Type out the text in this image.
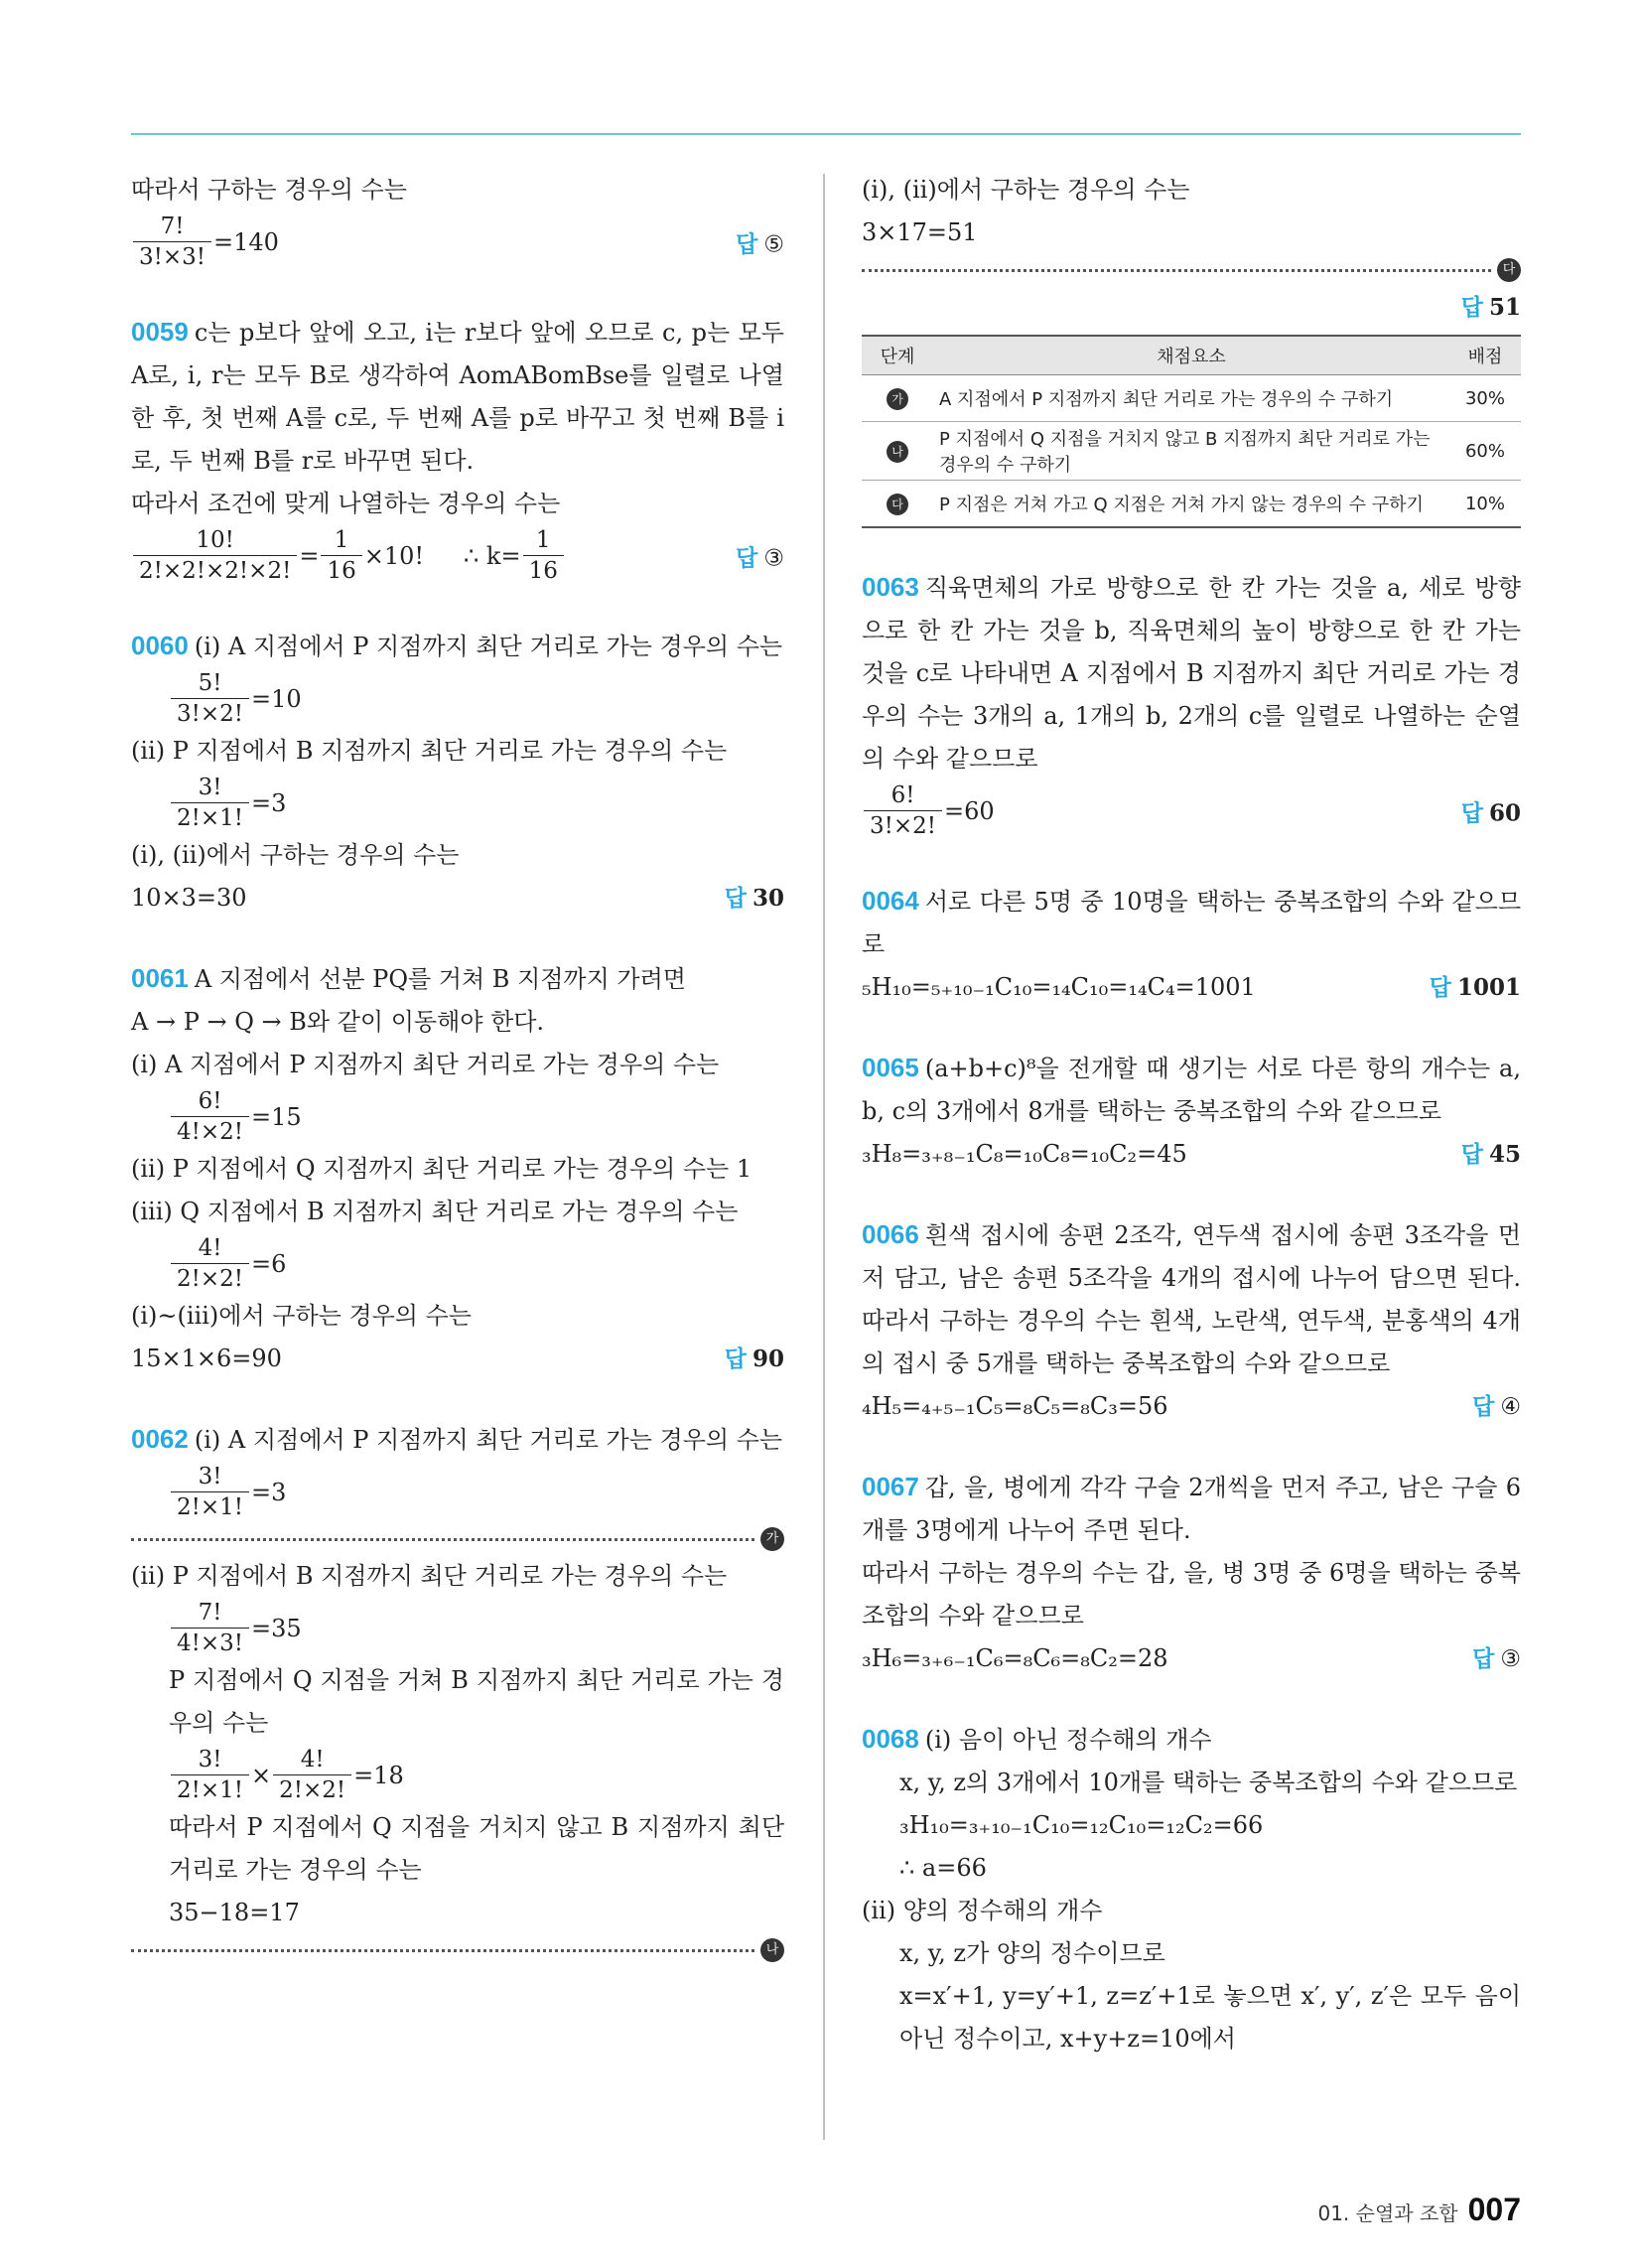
따라서 구하는 경우의 수는

$\frac{7!}{3!\times 3!} =140$	답 ⑤

0059 c는 p보다 앞에 오고, i는 r보다 앞에 오므로 c, p는 모두 A로, i, r는 모두 B로 생각하여 AomABomBse를 일렬로 나열한 후, 첫 번째 A를 c로, 두 번째 A를 p로 바꾸고 첫 번째 B를 i로, 두 번째 B를 r로 바꾸면 된다.

따라서 조건에 맞게 나열하는 경우의 수는

$\frac{10!}{2!\times 2!\times 2!\times 2!} = \frac{1}{16} \times 10$! ∴ $k= \frac{1}{16}$	답 ③

0060 (ⅰ) A 지점에서 P 지점까지 최단 거리로 가는 경우의 수는

$\frac{5!}{3!\times 2!} =10$

(ⅱ) P 지점에서 B 지점까지 최단 거리로 가는 경우의 수는

$\frac{3!}{2!\times 1!} =3$

(ⅰ), (ⅱ)에서 구하는 경우의 수는

10×3=30	답 30

0061 A 지점에서 선분 PQ를 거쳐 B 지점까지 가려면

A → P → Q → B와 같이 이동해야 한다.

(ⅰ) A 지점에서 P 지점까지 최단 거리로 가는 경우의 수는

$\frac{6!}{4!\times 2!} =15$

(ⅱ) P 지점에서 Q 지점까지 최단 거리로 가는 경우의 수는 1

(ⅲ) Q 지점에서 B 지점까지 최단 거리로 가는 경우의 수는

$\frac{4!}{2!\times 2!} =6$

(ⅰ)~(ⅲ)에서 구하는 경우의 수는

15×1×6=90	답 90

0062 (ⅰ) A 지점에서 P 지점까지 최단 거리로 가는 경우의 수는

$\frac{3!}{2!\times 1!} =3$
가

(ⅱ) P 지점에서 B 지점까지 최단 거리로 가는 경우의 수는

$\frac{7!}{4!\times 3!} =35$

P 지점에서 Q 지점을 거쳐 B 지점까지 최단 거리로 가는 경우의 수는

$\frac{3!}{2!\times 1!} \times \frac{4!}{2!\times 2!} =18$

따라서 P 지점에서 Q 지점을 거치지 않고 B 지점까지 최단 거리로 가는 경우의 수는

35−18=17

나

(ⅰ), (ⅱ)에서 구하는 경우의 수는

3×17=51

다
답 51
단계	채점요소	배점
가	A 지점에서 P 지점까지 최단 거리로 가는 경우의 수 구하기	30%
나	P 지점에서 Q 지점을 거치지 않고 B 지점까지 최단 거리로 가는 경우의 수 구하기	60%
다	P 지점은 거쳐 가고 Q 지점은 거쳐 가지 않는 경우의 수 구하기	10%

0063 직육면체의 가로 방향으로 한 칸 가는 것을 a, 세로 방향으로 한 칸 가는 것을 b, 직육면체의 높이 방향으로 한 칸 가는 것을 c로 나타내면 A 지점에서 B 지점까지 최단 거리로 가는 경우의 수는 3개의 a, 1개의 b, 2개의 c를 일렬로 나열하는 순열의 수와 같으므로

$\frac{6!}{3!\times 2!} =60$	답 60

0064 서로 다른 5명 중 10명을 택하는 중복조합의 수와 같으므로

₅H₁₀=₅₊₁₀₋₁C₁₀=₁₄C₁₀=₁₄C₄=1001	답 1001

0065 (a+b+c)⁸을 전개할 때 생기는 서로 다른 항의 개수는 a, b, c의 3개에서 8개를 택하는 중복조합의 수와 같으므로

₃H₈=₃₊₈₋₁C₈=₁₀C₈=₁₀C₂=45	답 45

0066 흰색 접시에 송편 2조각, 연두색 접시에 송편 3조각을 먼저 담고, 남은 송편 5조각을 4개의 접시에 나누어 담으면 된다. 따라서 구하는 경우의 수는 흰색, 노란색, 연두색, 분홍색의 4개의 접시 중 5개를 택하는 중복조합의 수와 같으므로

₄H₅=₄₊₅₋₁C₅=₈C₅=₈C₃=56	답 ④

0067 갑, 을, 병에게 각각 구슬 2개씩을 먼저 주고, 남은 구슬 6개를 3명에게 나누어 주면 된다.

따라서 구하는 경우의 수는 갑, 을, 병 3명 중 6명을 택하는 중복조합의 수와 같으므로

₃H₆=₃₊₆₋₁C₆=₈C₆=₈C₂=28	답 ③

0068 (ⅰ) 음이 아닌 정수해의 개수

x, y, z의 3개에서 10개를 택하는 중복조합의 수와 같으므로

₃H₁₀=₃₊₁₀₋₁C₁₀=₁₂C₁₀=₁₂C₂=66

∴ a=66

(ⅱ) 양의 정수해의 개수

x, y, z가 양의 정수이므로

x=x′+1, y=y′+1, z=z′+1로 놓으면 x′, y′, z′은 모두 음이 아닌 정수이고, x+y+z=10에서

01. 순열과 조합 007
